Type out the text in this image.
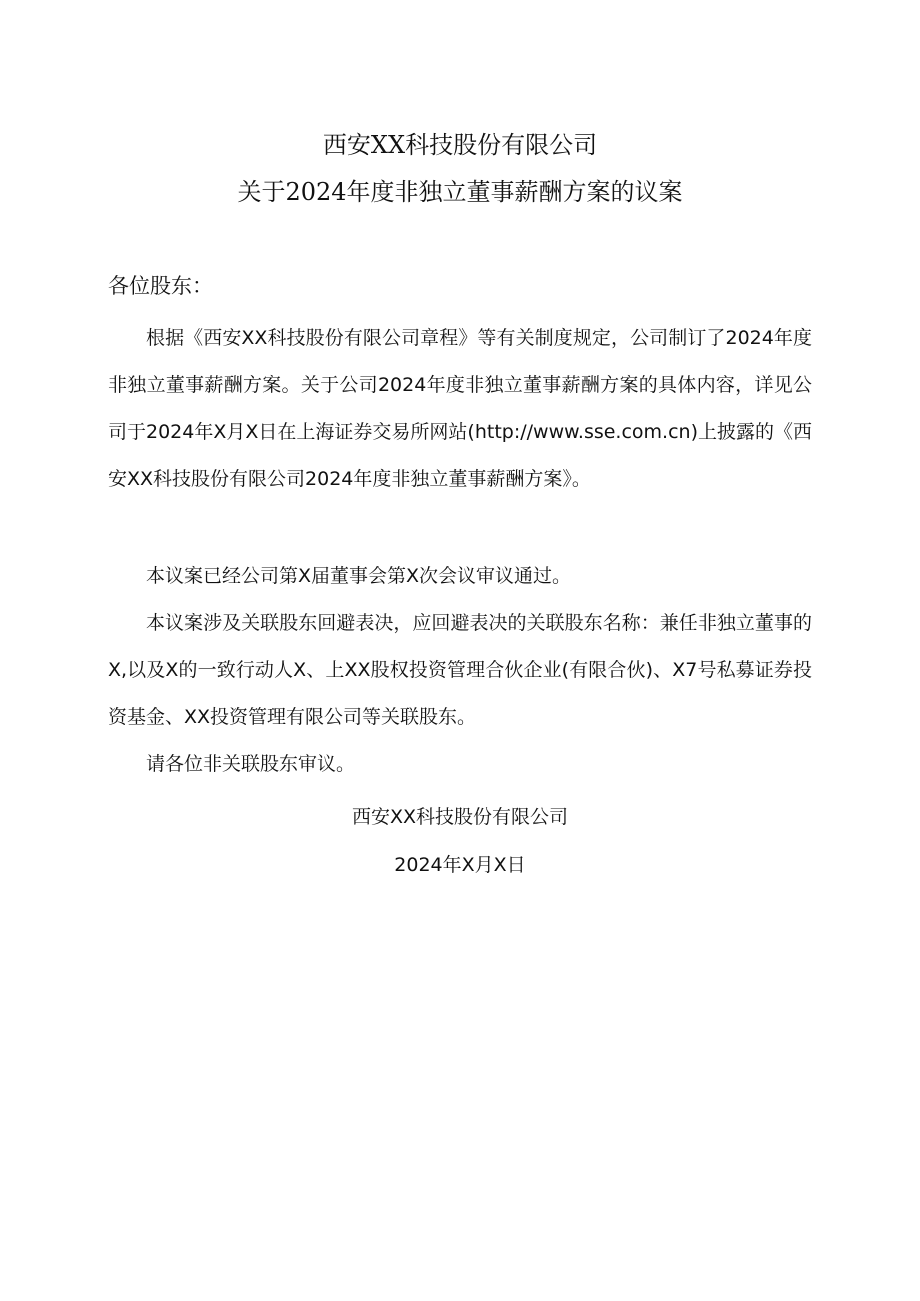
西安XX科技股份有限公司
关于2024年度非独立董事薪酬方案的议案
各位股东：

根据《西安XX科技股份有限公司章程》等有关制度规定，公司制订了2024年度非独立董事薪酬方案。关于公司2024年度非独立董事薪酬方案的具体内容，详见公司于2024年X月X日在上海证券交易所网站(http://www.sse.com.cn)上披露的《西安XX科技股份有限公司2024年度非独立董事薪酬方案》。

本议案已经公司第X届董事会第X次会议审议通过。

本议案涉及关联股东回避表决，应回避表决的关联股东名称：兼任非独立董事的X,以及X的一致行动人X、上XX股权投资管理合伙企业(有限合伙)、X7号私募证券投资基金、XX投资管理有限公司等关联股东。

请各位非关联股东审议。

西安XX科技股份有限公司
2024年X月X日
